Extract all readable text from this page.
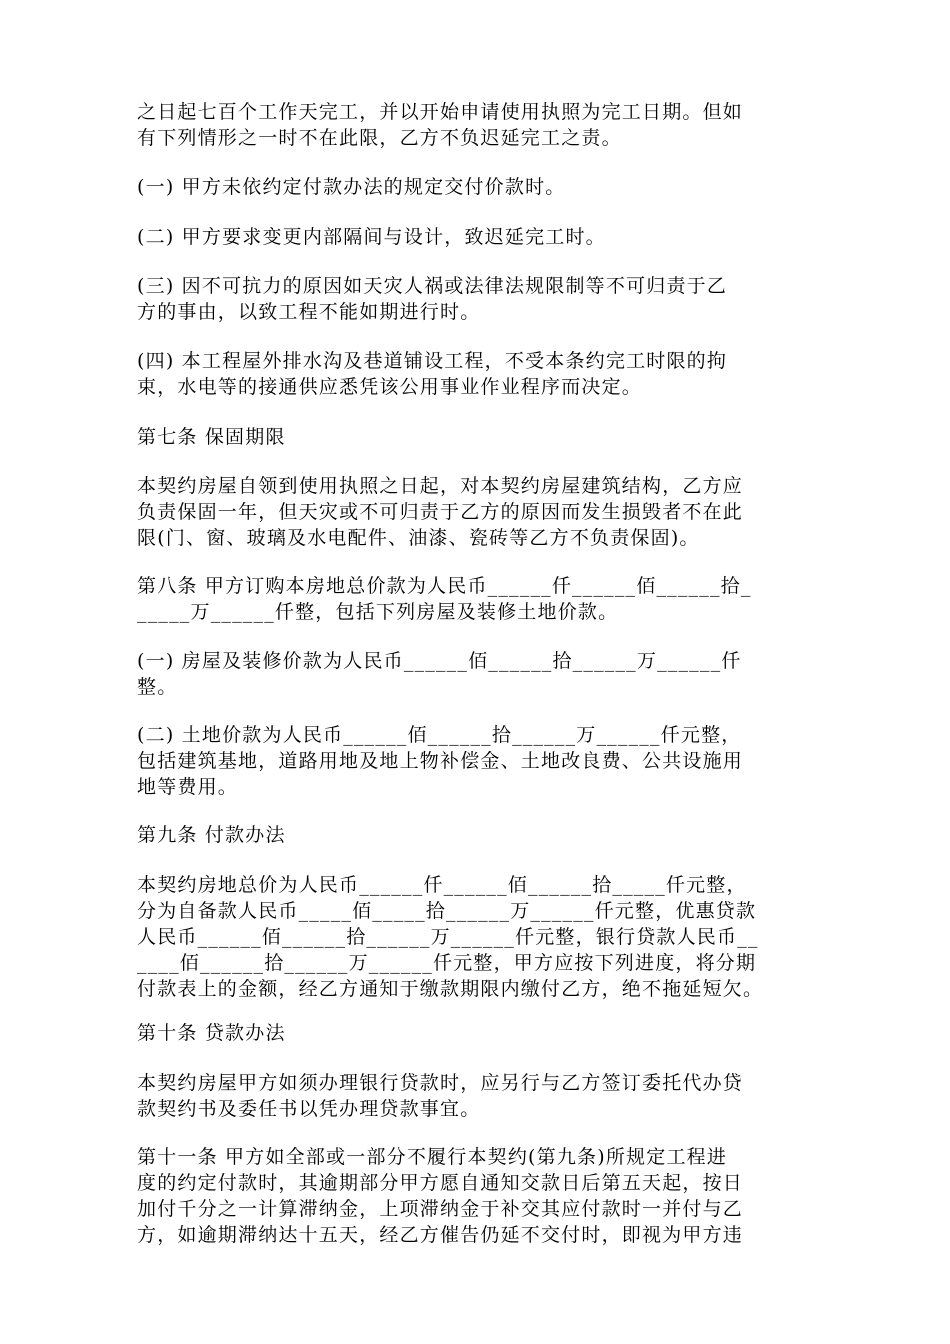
之日起七百个工作天完工，并以开始申请使用执照为完工日期。但如
有下列情形之一时不在此限，乙方不负迟延完工之责。
(一) 甲方未依约定付款办法的规定交付价款时。
(二) 甲方要求变更内部隔间与设计，致迟延完工时。
(三) 因不可抗力的原因如天灾人祸或法律法规限制等不可归责于乙
方的事由，以致工程不能如期进行时。
(四) 本工程屋外排水沟及巷道铺设工程，不受本条约完工时限的拘
束，水电等的接通供应悉凭该公用事业作业程序而决定。
第七条 保固期限
本契约房屋自领到使用执照之日起，对本契约房屋建筑结构，乙方应
负责保固一年，但天灾或不可归责于乙方的原因而发生损毁者不在此
限(门、窗、玻璃及水电配件、油漆、瓷砖等乙方不负责保固)。
第八条 甲方订购本房地总价款为人民币______仟______佰______拾_
_____万______仟整，包括下列房屋及装修土地价款。
(一) 房屋及装修价款为人民币______佰______拾______万______仟
整。
(二) 土地价款为人民币______佰______拾______万______仟元整，
包括建筑基地，道路用地及地上物补偿金、土地改良费、公共设施用
地等费用。
第九条 付款办法
本契约房地总价为人民币______仟______佰______拾_____仟元整，
分为自备款人民币_____佰_____拾______万______仟元整，优惠贷款
人民币______佰______拾______万______仟元整，银行贷款人民币__
____佰______拾______万______仟元整，甲方应按下列进度，将分期
付款表上的金额，经乙方通知于缴款期限内缴付乙方，绝不拖延短欠。
第十条 贷款办法
本契约房屋甲方如须办理银行贷款时，应另行与乙方签订委托代办贷
款契约书及委任书以凭办理贷款事宜。
第十一条 甲方如全部或一部分不履行本契约(第九条)所规定工程进
度的约定付款时，其逾期部分甲方愿自通知交款日后第五天起，按日
加付千分之一计算滞纳金，上项滞纳金于补交其应付款时一并付与乙
方，如逾期滞纳达十五天，经乙方催告仍延不交付时，即视为甲方违
